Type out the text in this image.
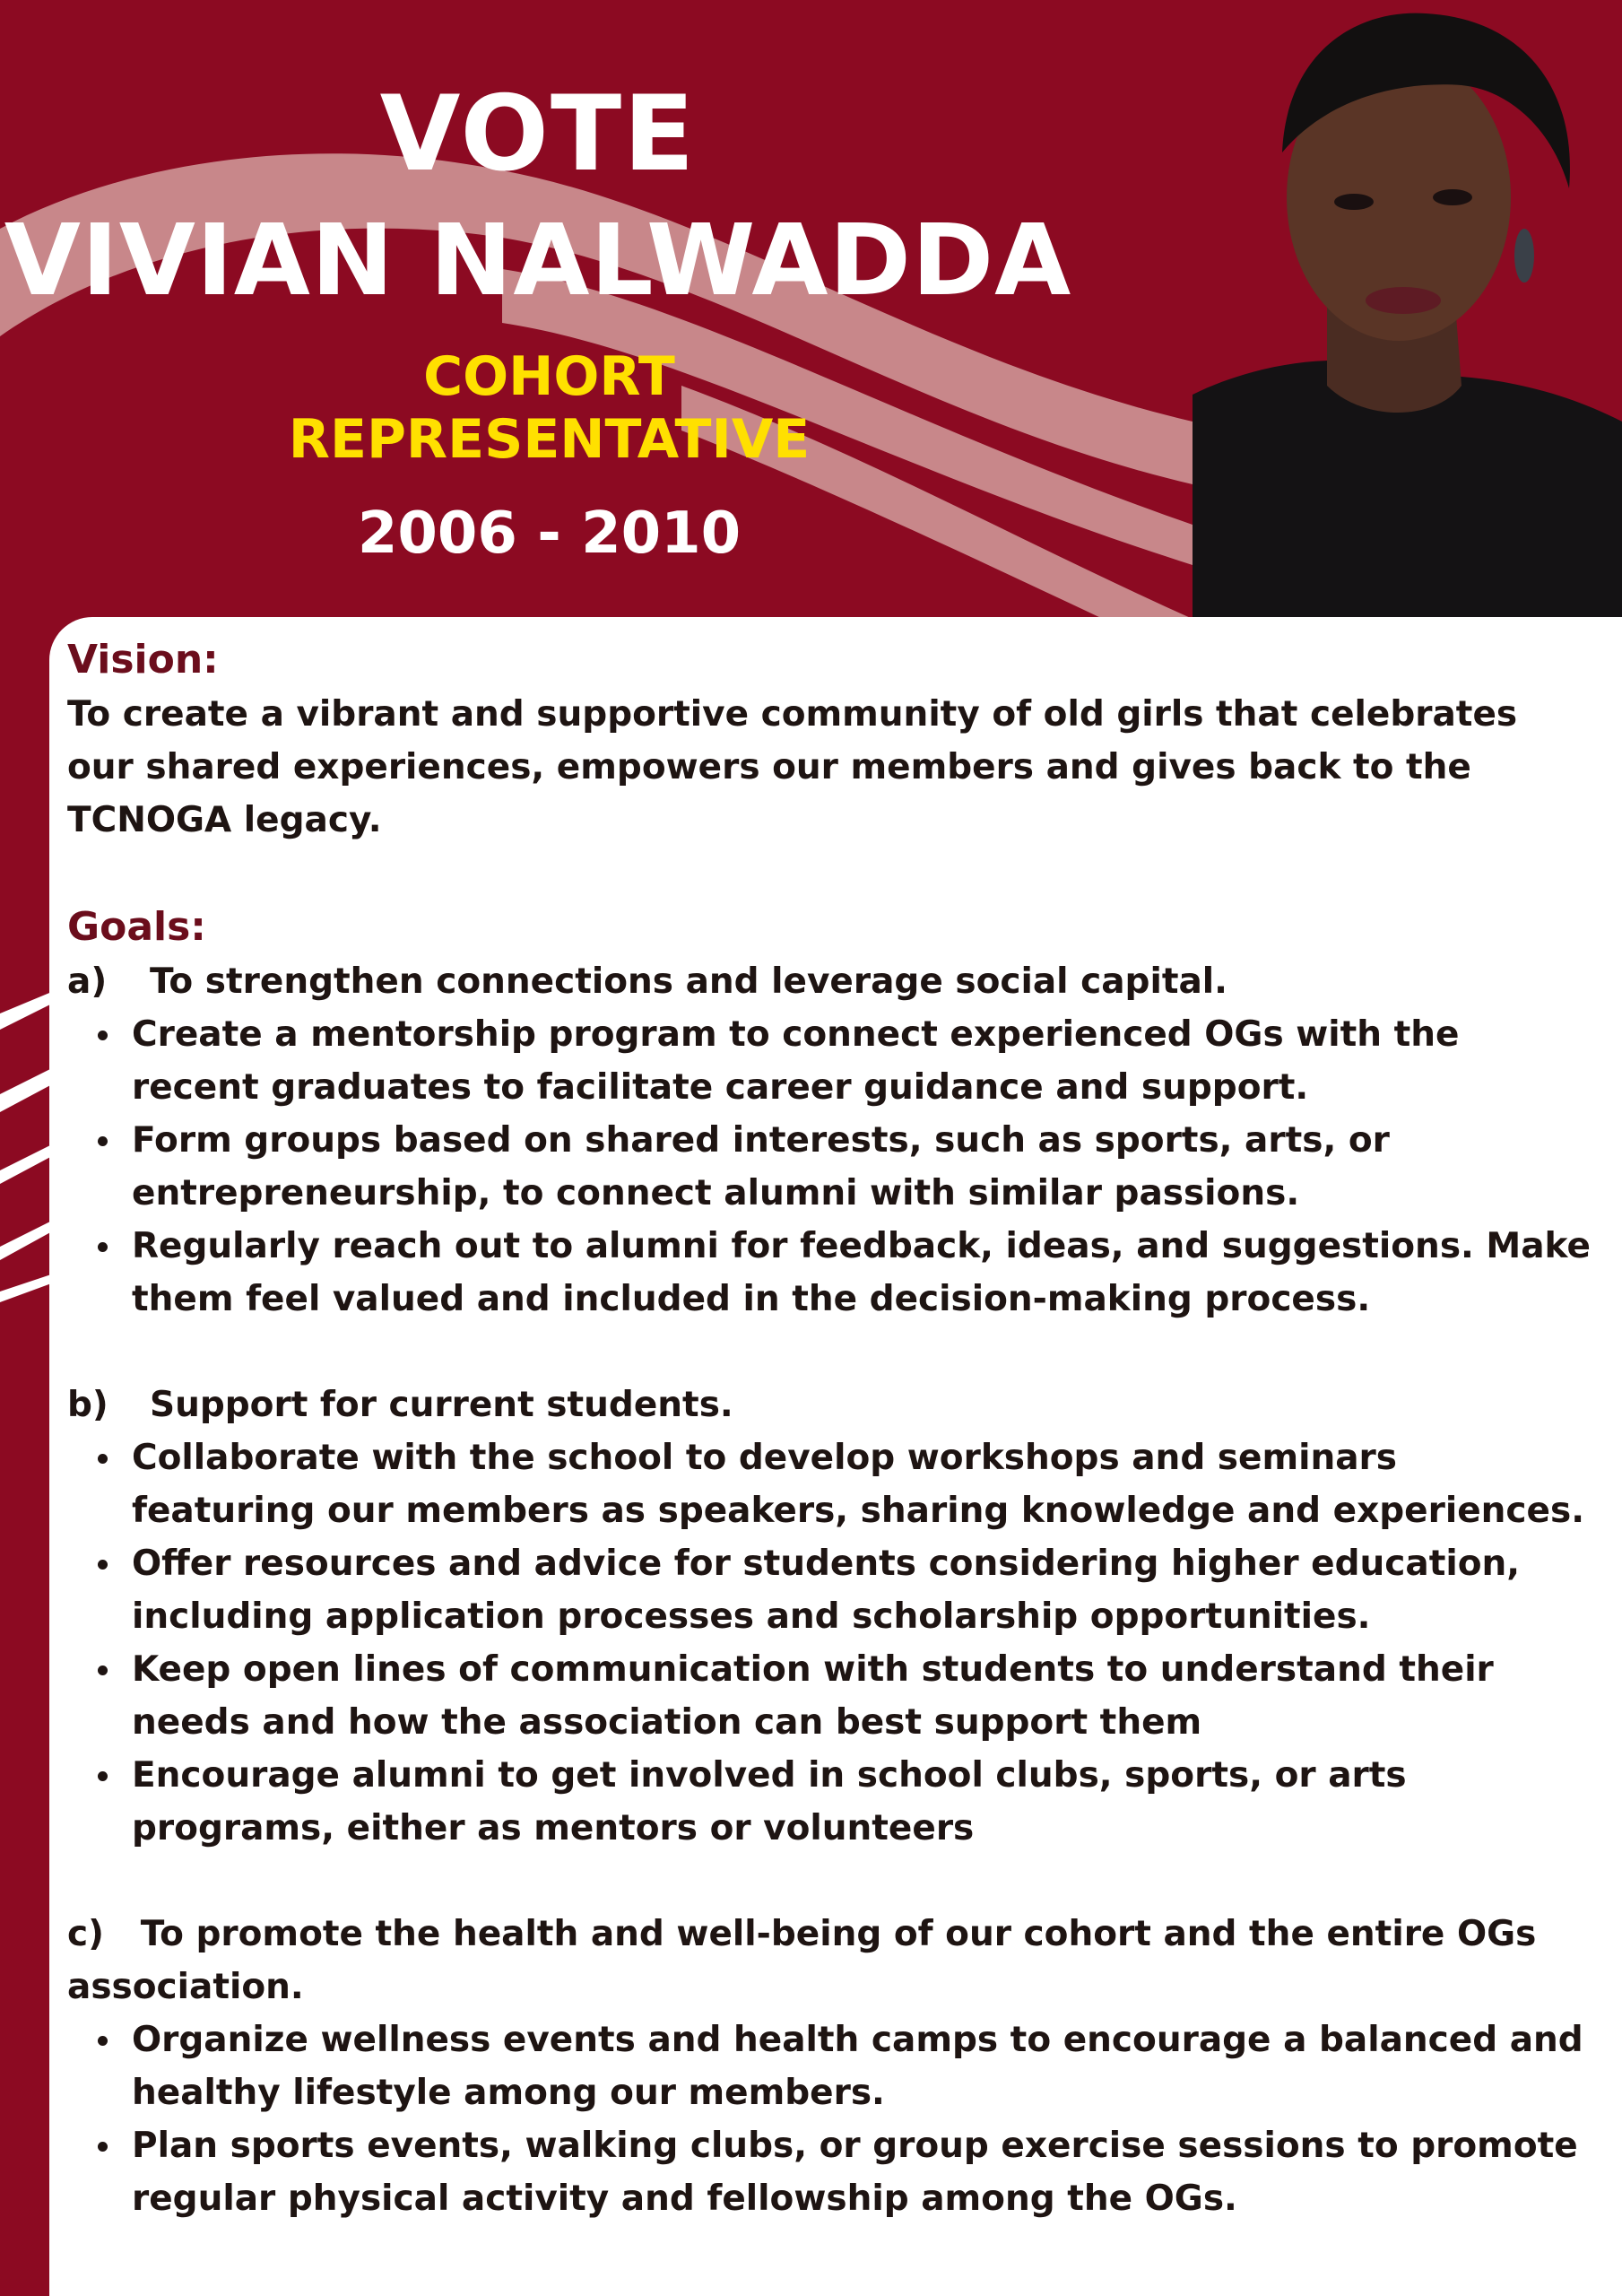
VOTE
VIVIAN NALWADDA
COHORT
REPRESENTATIVE
2006 - 2010
Vision:

To create a vibrant and supportive community of old girls that celebrates our shared experiences, empowers our members and gives back to the TCNOGA legacy.

Goals:
a)	To strengthen connections and leverage social capital.
Create a mentorship program to connect experienced OGs with the recent graduates to facilitate career guidance and support.
Form groups based on shared interests, such as sports, arts, or entrepreneurship, to connect alumni with similar passions.
Regularly reach out to alumni for feedback, ideas, and suggestions. Make them feel valued and included in the decision-making process.
b)	Support for current students.
Collaborate with the school to develop workshops and seminars featuring our members as speakers, sharing knowledge and experiences.
Offer resources and advice for students considering higher education, including application processes and scholarship opportunities.
Keep open lines of communication with students to understand their needs and how the association can best support them
Encourage alumni to get involved in school clubs, sports, or arts programs, either as mentors or volunteers

c) To promote the health and well-being of our cohort and the entire OGs association.

Organize wellness events and health camps to encourage a balanced and healthy lifestyle among our members.
Plan sports events, walking clubs, or group exercise sessions to promote regular physical activity and fellowship among the OGs.
